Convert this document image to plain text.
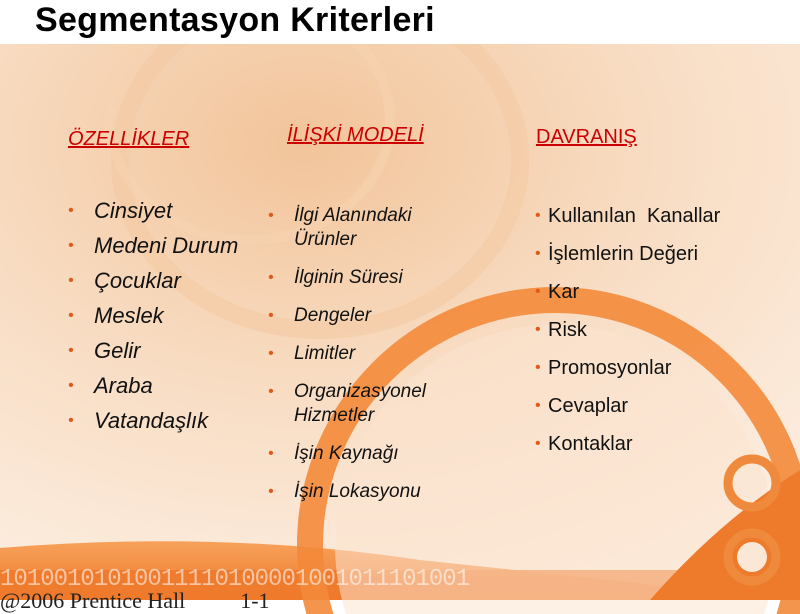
Segmentasyon Kriterleri
ÖZELLİKLER
• Cinsiyet
• Medeni Durum
• Çocuklar
• Meslek
• Gelir
• Araba
• Vatandaşlık
İLİŞKİ MODELİ
• İlgi Alanındaki Ürünler
• İlginin Süresi
• Dengeler
• Limitler
• Organizasyonel Hizmetler
• İşin Kaynağı
• İşin Lokasyonu
DAVRANIŞ
• Kullanılan  Kanallar
• İşlemlerin Değeri
• Kar
• Risk
• Promosyonlar
• Cevaplar
• Kontaklar
10100101010011110100001001011101001
@2006 Prentice Hall          1-1
